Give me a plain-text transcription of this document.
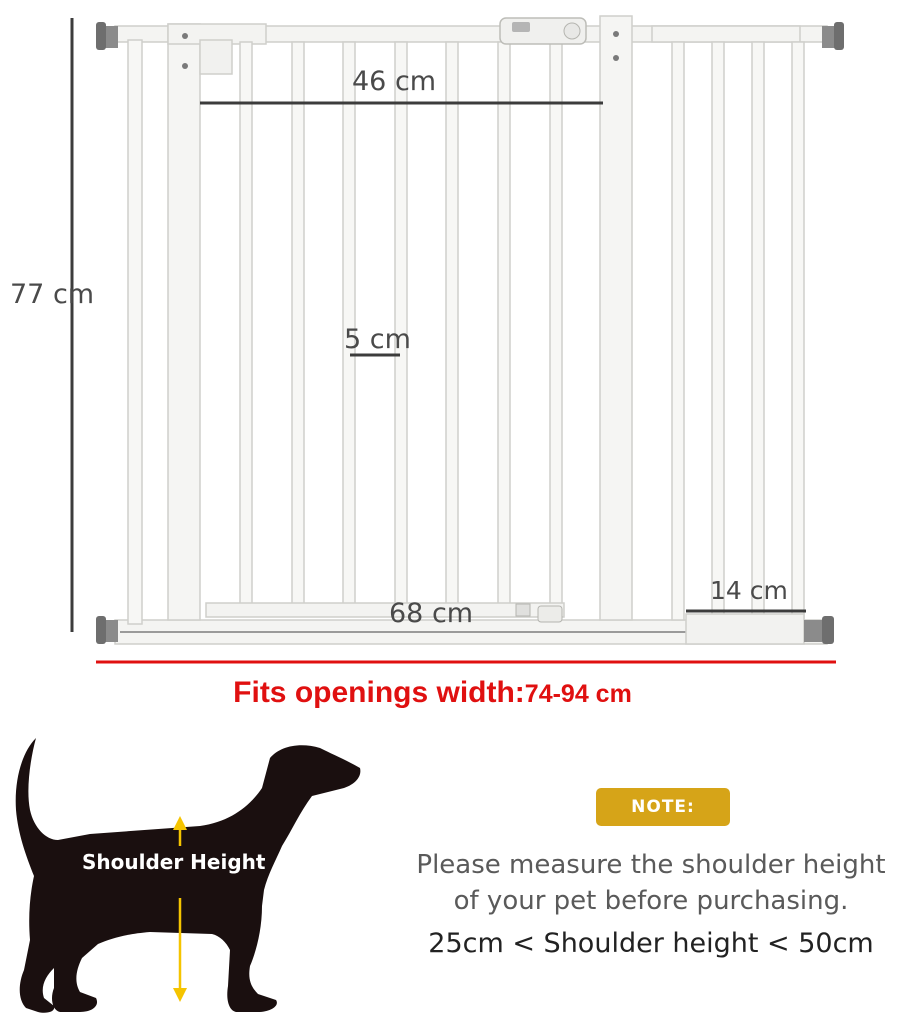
77 cm
46 cm
5 cm
68 cm
14 cm
Fits openings width:74-94 cm
Shoulder Height
NOTE:
Please measure the shoulder height
of your pet before purchasing.
25cm < Shoulder height < 50cm
